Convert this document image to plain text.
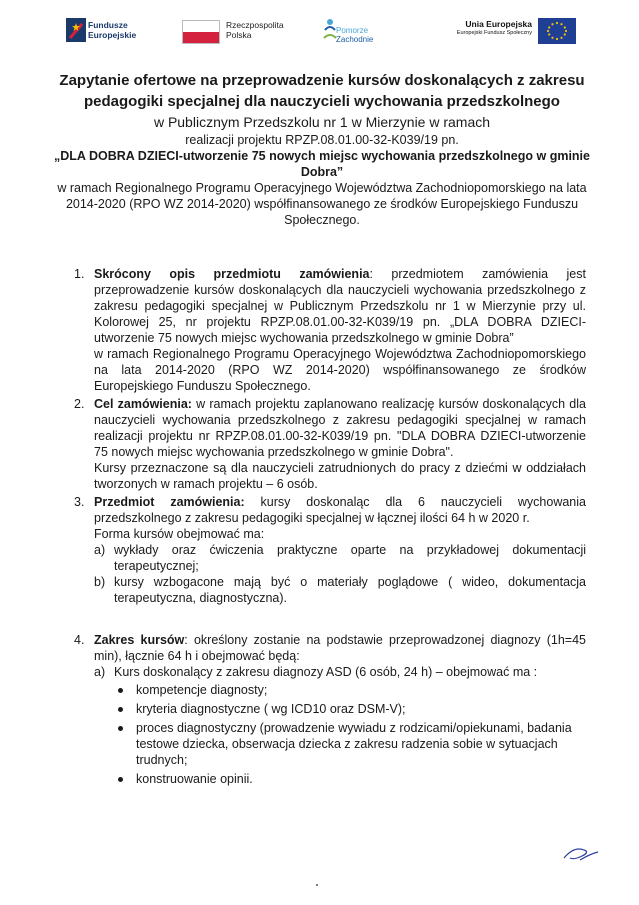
Fundusze
Europejskie
Rzeczpospolita
Polska	Pomorze
Zachodnie
Unia Europejska
Europejski Fundusz Społeczny
Zapytanie ofertowe na przeprowadzenie kursów doskonalących z zakresu pedagogiki specjalnej dla nauczycieli wychowania przedszkolnego
w Publicznym Przedszkolu nr 1 w Mierzynie w ramach
realizacji projektu RPZP.08.01.00-32-K039/19 pn.
„DLA DOBRA DZIECI-utworzenie 75 nowych miejsc wychowania przedszkolnego w gminie Dobra”
w ramach Regionalnego Programu Operacyjnego Województwa Zachodniopomorskiego na lata 2014-2020 (RPO WZ 2014-2020) współfinansowanego ze środków Europejskiego Funduszu Społecznego.
1. Skrócony opis przedmiotu zamówienia: przedmiotem zamówienia jest przeprowadzenie kursów doskonalących dla nauczycieli wychowania przedszkolnego z zakresu pedagogiki specjalnej w Publicznym Przedszkolu nr 1 w Mierzynie przy ul. Kolorowej 25, nr projektu RPZP.08.01.00-32-K039/19 pn. „DLA DOBRA DZIECI-utworzenie 75 nowych miejsc wychowania przedszkolnego w gminie Dobra”

w ramach Regionalnego Programu Operacyjnego Województwa Zachodniopomorskiego na lata 2014-2020 (RPO WZ 2014-2020) współfinansowanego ze środków Europejskiego Funduszu Społecznego.

2. Cel zamówienia: w ramach projektu zaplanowano realizację kursów doskonalących dla nauczycieli wychowania przedszkolnego z zakresu pedagogiki specjalnej w ramach realizacji projektu nr RPZP.08.01.00-32-K039/19 pn. "DLA DOBRA DZIECI-utworzenie 75 nowych miejsc wychowania przedszkolnego w gminie Dobra".

Kursy przeznaczone są dla nauczycieli zatrudnionych do pracy z dziećmi w oddziałach tworzonych w ramach projektu – 6 osób.

3. Przedmiot zamówienia: kursy doskonaląc dla 6 nauczycieli wychowania przedszkolnego z zakresu pedagogiki specjalnej w łącznej ilości 64 h w 2020 r.

Forma kursów obejmować ma:

a) wykłady oraz ćwiczenia praktyczne oparte na przykładowej dokumentacji terapeutycznej;
b) kursy wzbogacone mają być o materiały poglądowe ( wideo, dokumentacja terapeutyczna, diagnostyczna).
4. Zakres kursów: określony zostanie na podstawie przeprowadzonej diagnozy (1h=45 min), łącznie 64 h i obejmować będą:

a) Kurs doskonalący z zakresu diagnozy ASD (6 osób, 24 h) – obejmować ma :
kompetencje diagnosty;
kryteria diagnostyczne ( wg ICD10 oraz DSM-V);
proces diagnostyczny (prowadzenie wywiadu z rodzicami/opiekunami, badania testowe dziecka, obserwacja dziecka z zakresu radzenia sobie w sytuacjach trudnych;
konstruowanie opinii.
